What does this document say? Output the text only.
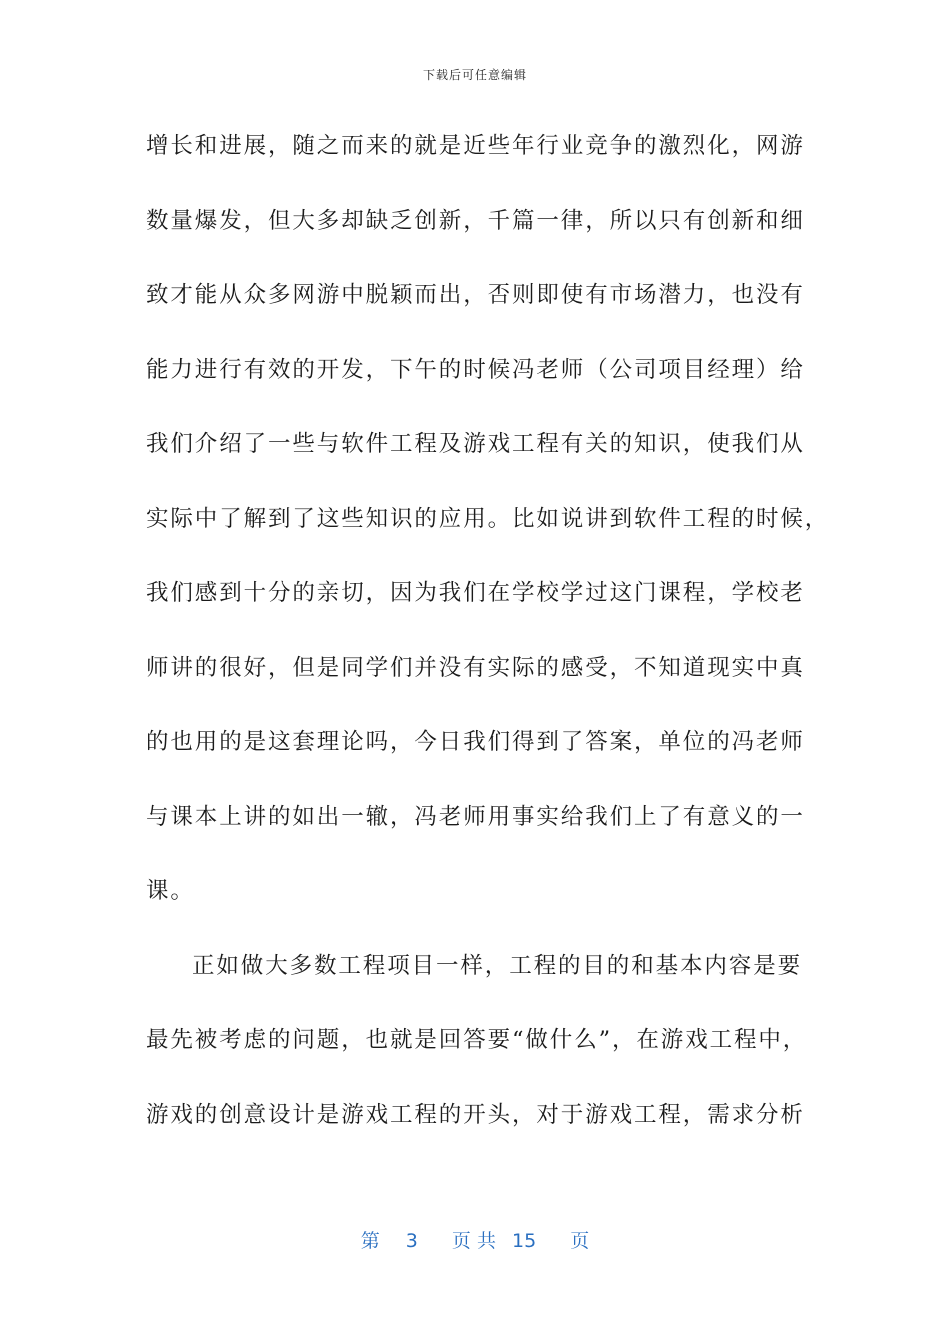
下载后可任意编辑
增长和进展，随之而来的就是近些年行业竞争的激烈化，网游
数量爆发，但大多却缺乏创新，千篇一律，所以只有创新和细
致才能从众多网游中脱颖而出，否则即使有市场潜力，也没有
能力进行有效的开发，下午的时候冯老师（公司项目经理）给
我们介绍了一些与软件工程及游戏工程有关的知识，使我们从
实际中了解到了这些知识的应用。比如说讲到软件工程的时候，
我们感到十分的亲切，因为我们在学校学过这门课程，学校老
师讲的很好，但是同学们并没有实际的感受，不知道现实中真
的也用的是这套理论吗，今日我们得到了答案，单位的冯老师
与课本上讲的如出一辙，冯老师用事实给我们上了有意义的一
课。
正如做大多数工程项目一样，工程的目的和基本内容是要
最先被考虑的问题，也就是回答要“做什么”，在游戏工程中，
游戏的创意设计是游戏工程的开头，对于游戏工程，需求分析
第 3 页 共 15 页
